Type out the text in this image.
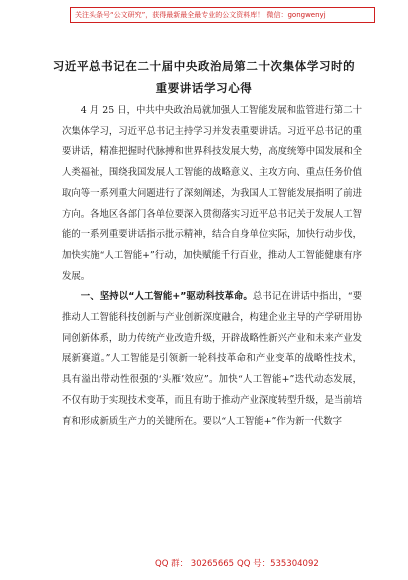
关注头条号“公文研究”，获得最新最全最专业的公文资料库！ 微信：gongwenyj
习近平总书记在二十届中央政治局第二十次集体学习时的
重要讲话学习心得

4 月 25 日，中共中央政治局就加强人工智能发展和监管进行第二十次集体学习，习近平总书记主持学习并发表重要讲话。习近平总书记的重要讲话，精准把握时代脉搏和世界科技发展大势，高度统筹中国发展和全人类福祉，围绕我国发展人工智能的战略意义、主攻方向、重点任务价值取向等一系列重大问题进行了深刻阐述，为我国人工智能发展指明了前进方向。各地区各部门各单位要深入贯彻落实习近平总书记关于发展人工智能的一系列重要讲话指示批示精神，结合自身单位实际，加快行动步伐，加快实施“人工智能+”行动，加快赋能千行百业，推动人工智能健康有序发展。

一、坚持以“人工智能+”驱动科技革命。总书记在讲话中指出，“要推动人工智能科技创新与产业创新深度融合，构建企业主导的产学研用协同创新体系，助力传统产业改造升级，开辟战略性新兴产业和未来产业发展新赛道。”人工智能是引领新一轮科技革命和产业变革的战略性技术，具有溢出带动性很强的‘头雁’效应”。加快“人工智能+”迭代动态发展，不仅有助于实现技术变革，而且有助于推动产业深度转型升级，是当前培育和形成新质生产力的关键所在。要以“人工智能+”作为新一代数字

QQ 群： 30265665 QQ 号：535304092
